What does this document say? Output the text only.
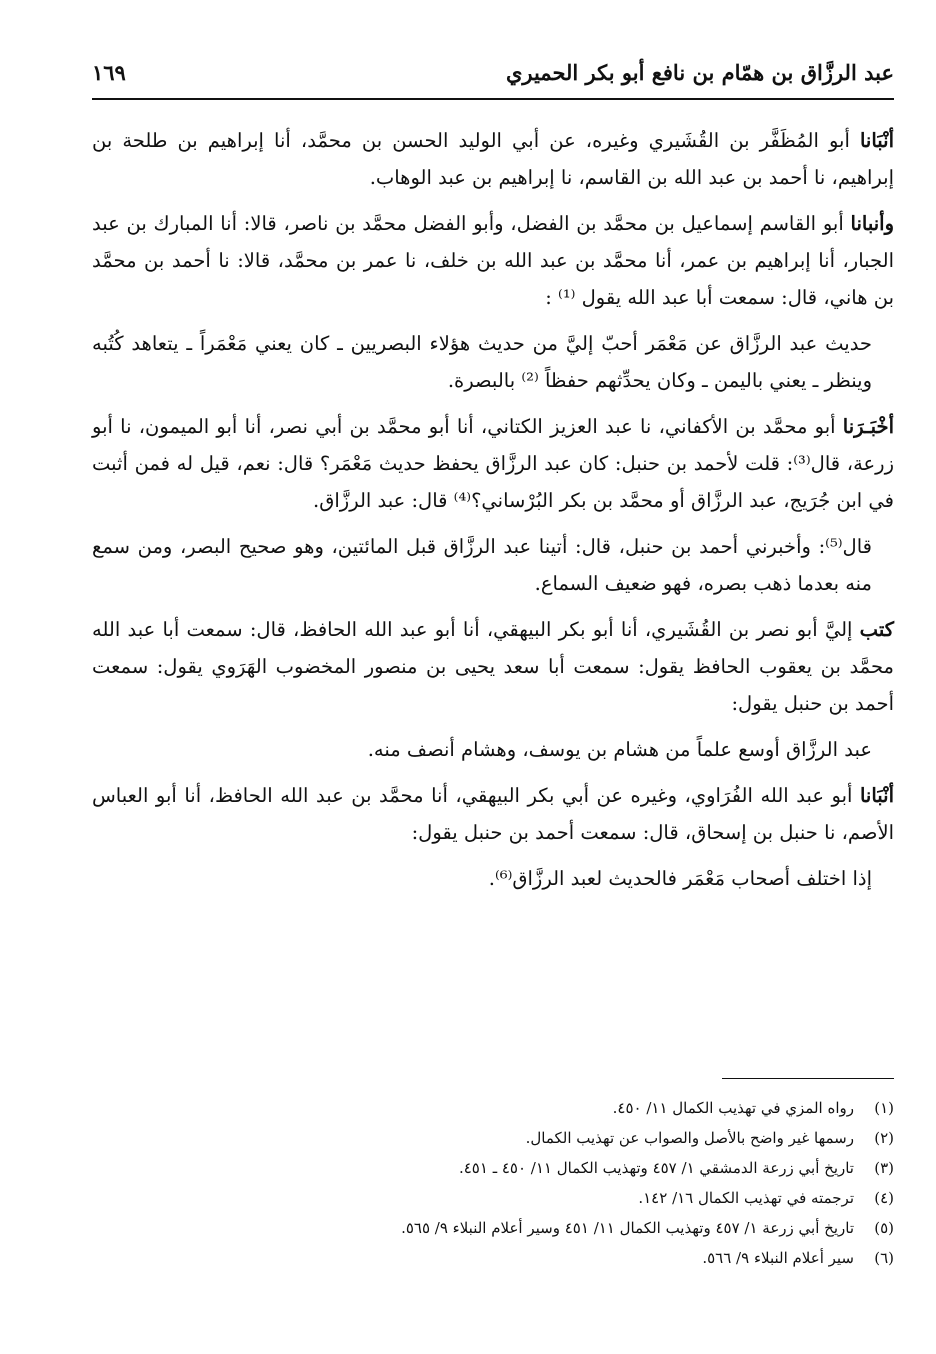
عبد الرزَّاق بن همّام بن نافع أبو بكر الحميري
١٦٩

أنْبَانا أبو المُظَفَّر بن القُشَيري وغيره، عن أبي الوليد الحسن بن محمَّد، أنا إبراهيم بن طلحة بن إبراهيم، نا أحمد بن عبد الله بن القاسم، نا إبراهيم بن عبد الوهاب.

وأنبانا أبو القاسم إسماعيل بن محمَّد بن الفضل، وأبو الفضل محمَّد بن ناصر، قالا: أنا المبارك بن عبد الجبار، أنا إبراهيم بن عمر، أنا محمَّد بن عبد الله بن خلف، نا عمر بن محمَّد، قالا: نا أحمد بن محمَّد بن هاني، قال: سمعت أبا عبد الله يقول ⁽¹⁾ :

حديث عبد الرزَّاق عن مَعْمَر أحبّ إليَّ من حديث هؤلاء البصريين ـ كان يعني مَعْمَراً ـ يتعاهد كُتُبه وينظر ـ يعني باليمن ـ وكان يحدِّثهم حفظاً ⁽²⁾ بالبصرة.

أخْبَـرَنا أبو محمَّد بن الأكفاني، نا عبد العزيز الكتاني، أنا أبو محمَّد بن أبي نصر، أنا أبو الميمون، نا أبو زرعة، قال⁽³⁾: قلت لأحمد بن حنبل: كان عبد الرزَّاق يحفظ حديث مَعْمَر؟ قال: نعم، قيل له فمن أثبت في ابن جُرَيج، عبد الرزَّاق أو محمَّد بن بكر البُرْساني؟⁽⁴⁾ قال: عبد الرزَّاق.

قال⁽⁵⁾: وأخبرني أحمد بن حنبل، قال: أتينا عبد الرزَّاق قبل المائتين، وهو صحيح البصر، ومن سمع منه بعدما ذهب بصره، فهو ضعيف السماع.

كتب إليَّ أبو نصر بن القُشَيري، أنا أبو بكر البيهقي، أنا أبو عبد الله الحافظ، قال: سمعت أبا عبد الله محمَّد بن يعقوب الحافظ يقول: سمعت أبا سعد يحيى بن منصور المخضوب الهَرَوي يقول: سمعت أحمد بن حنبل يقول:

عبد الرزَّاق أوسع علماً من هشام بن يوسف، وهشام أنصف منه.

أنْبَانا أبو عبد الله الفُرَاوي، وغيره عن أبي بكر البيهقي، أنا محمَّد بن عبد الله الحافظ، أنا أبو العباس الأصم، نا حنبل بن إسحاق، قال: سمعت أحمد بن حنبل يقول:

إذا اختلف أصحاب مَعْمَر فالحديث لعبد الرزَّاق⁽⁶⁾.

(١)
رواه المزي في تهذيب الكمال ١١/ ٤٥٠.
(٢)
رسمها غير واضح بالأصل والصواب عن تهذيب الكمال.
(٣)
تاريخ أبي زرعة الدمشقي ١/ ٤٥٧ وتهذيب الكمال ١١/ ٤٥٠ ـ ٤٥١.
(٤)
ترجمته في تهذيب الكمال ١٦/ ١٤٢.
(٥)
تاريخ أبي زرعة ١/ ٤٥٧ وتهذيب الكمال ١١/ ٤٥١ وسير أعلام النبلاء ٩/ ٥٦٥.
(٦)
سير أعلام النبلاء ٩/ ٥٦٦.
